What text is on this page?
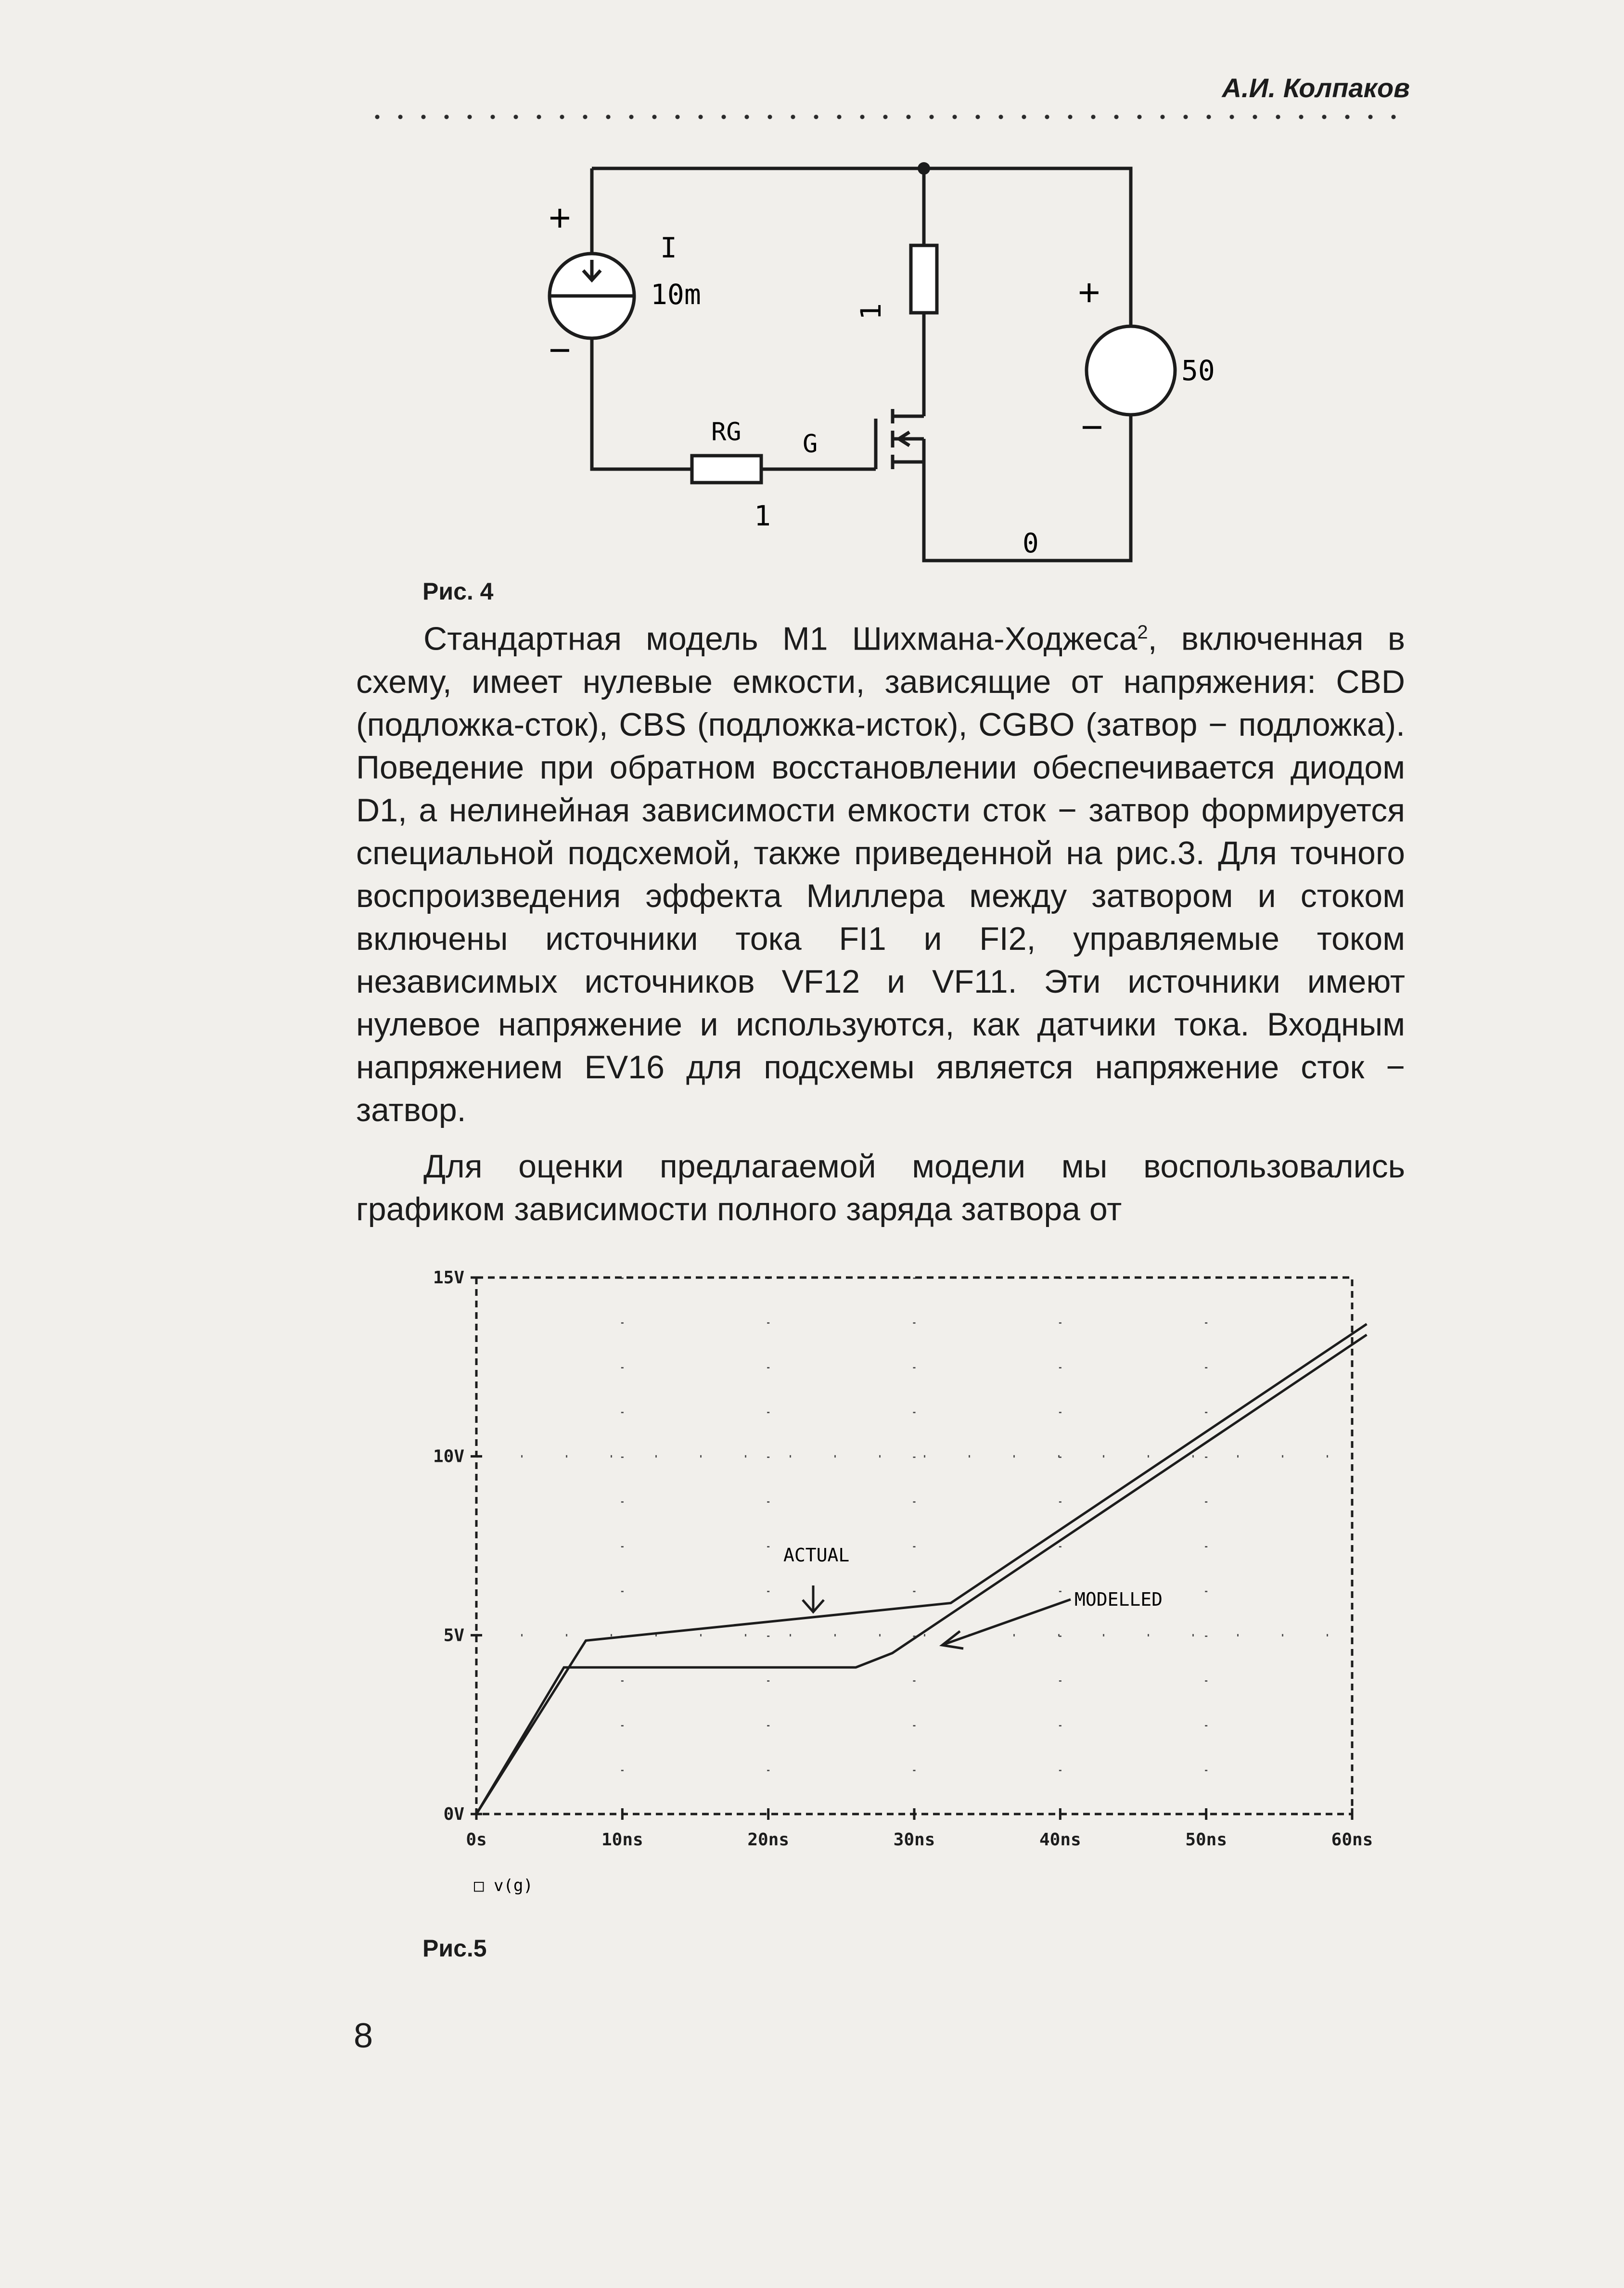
А.И. Колпаков
+
−
I
10m
1	+
−
50
RG G
1
0
Рис. 4

Стандартная модель M1 Шихмана-Ходжеса$^2$, включенная в схему, имеет нулевые емкости, зависящие от напряжения: CBD (подложка-сток), CBS (подложка-исток), CGBO (затвор − подложка). Поведение при обратном восстановлении обеспечивается диодом D1, а нелинейная зависимости емкости сток − затвор формируется специальной подсхемой, также приведенной на рис.3. Для точного воспроизведения эффекта Миллера между затвором и стоком включены источники тока FI1 и FI2, управляемые током независимых источников VF12 и VF11. Эти источники имеют нулевое напряжение и используются, как датчики тока. Входным напряжением EV16 для подсхемы является напряжение сток − затвор.

Для оценки предлагаемой модели мы воспользовались графиком зависимости полного заряда затвора от

0s	10ns	20ns	30ns	40ns	50ns	60ns
0V
5V
10V
15V
ACTUAL
MODELLED
□ v(g)
Рис.5
8
